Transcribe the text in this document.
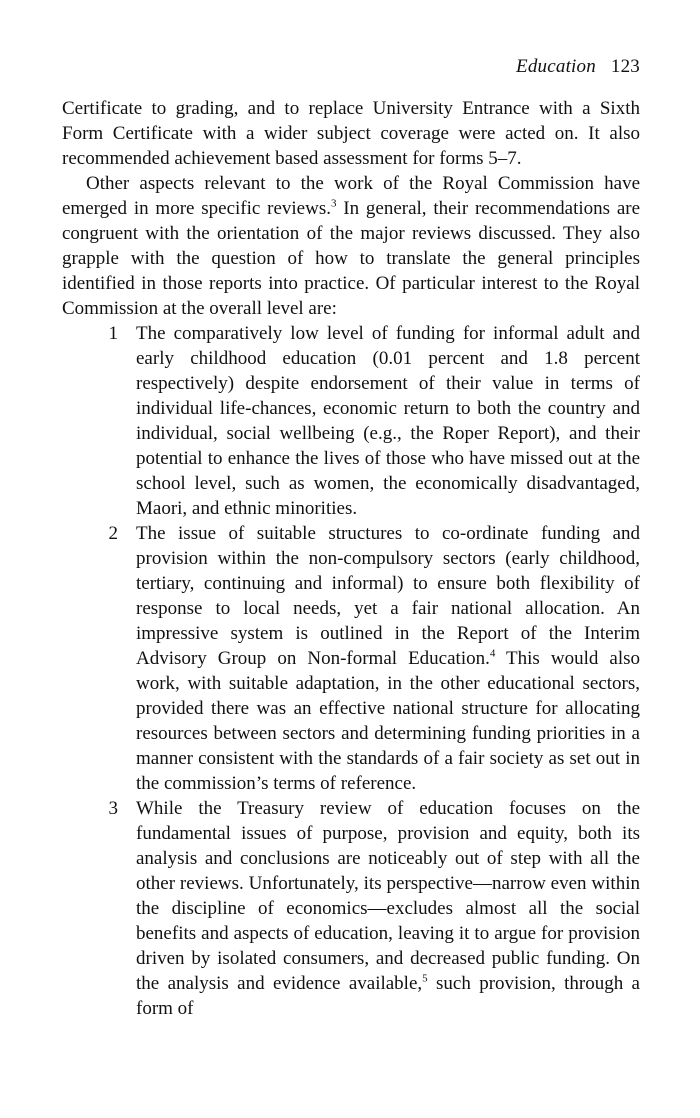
Education 123

Certificate to grading, and to replace University Entrance with a Sixth Form Certificate with a wider subject coverage were acted on. It also recommended achievement based assessment for forms 5–7.

Other aspects relevant to the work of the Royal Commission have emerged in more specific reviews.$^3$ In general, their recommendations are congruent with the orientation of the major reviews discussed. They also grapple with the question of how to translate the general principles identified in those reports into practice. Of particular interest to the Royal Commission at the overall level are:

1 The comparatively low level of funding for informal adult and early childhood education (0.01 percent and 1.8 percent respectively) despite endorsement of their value in terms of individual life-chances, economic return to both the country and individual, social wellbeing (e.g., the Roper Report), and their potential to enhance the lives of those who have missed out at the school level, such as women, the economically disadvantaged, Maori, and ethnic minorities.
2 The issue of suitable structures to co-ordinate funding and provision within the non-compulsory sectors (early childhood, tertiary, continuing and informal) to ensure both flexibility of response to local needs, yet a fair national allocation. An impressive system is outlined in the Report of the Interim Advisory Group on Non-formal Education.$^4$ This would also work, with suitable adaptation, in the other educational sectors, provided there was an effective national structure for allocating resources between sectors and determining funding priorities in a manner consistent with the standards of a fair society as set out in the commission’s terms of reference.
3 While the Treasury review of education focuses on the fundamental issues of purpose, provision and equity, both its analysis and conclusions are noticeably out of step with all the other reviews. Unfortunately, its perspective—narrow even within the discipline of economics—excludes almost all the social benefits and aspects of education, leaving it to argue for provision driven by isolated consumers, and decreased public funding. On the analysis and evidence available,$^5$ such provision, through a form of
